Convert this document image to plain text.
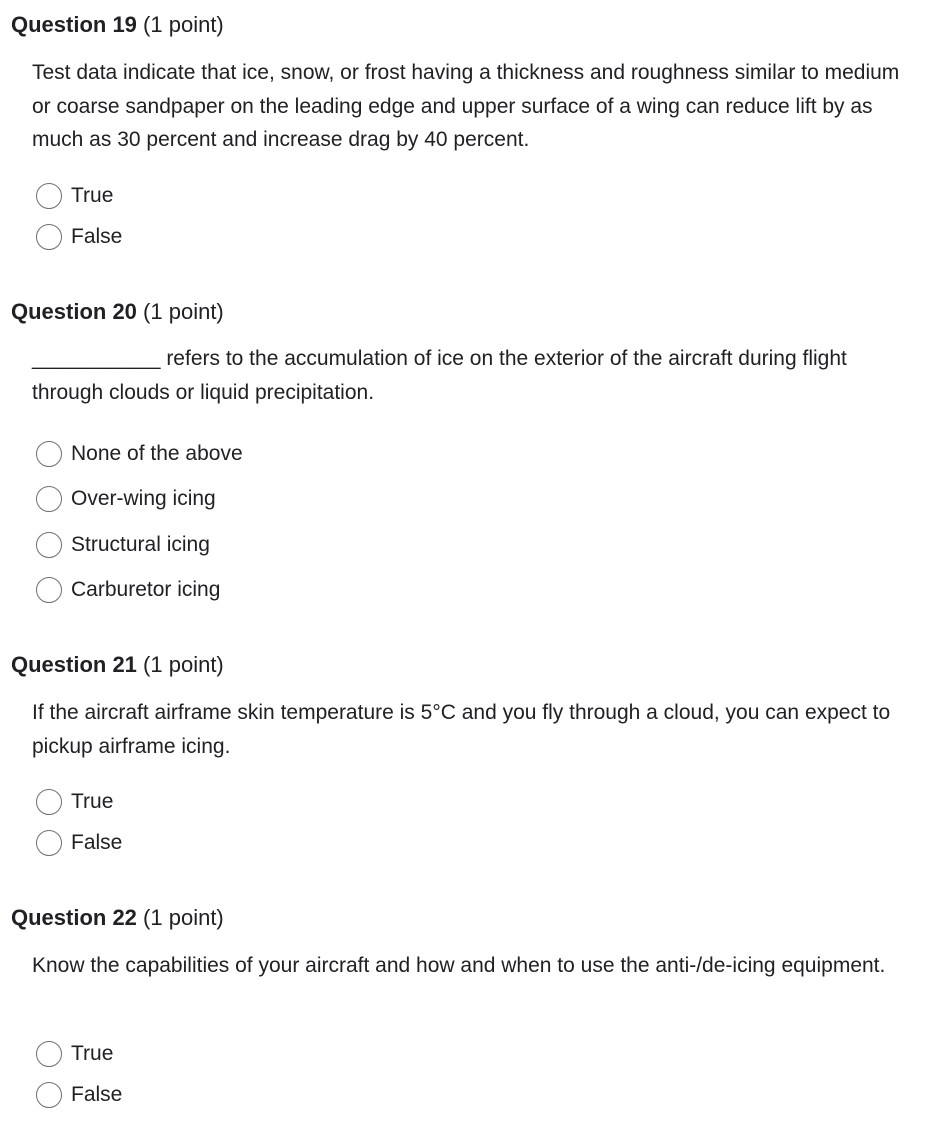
Question 19 (1 point)
Test data indicate that ice, snow, or frost having a thickness and roughness similar to medium or coarse sandpaper on the leading edge and upper surface of a wing can reduce lift by as much as 30 percent and increase drag by 40 percent.
True
False
Question 20 (1 point)
___________ refers to the accumulation of ice on the exterior of the aircraft during flight through clouds or liquid precipitation.
None of the above
Over-wing icing
Structural icing
Carburetor icing
Question 21 (1 point)
If the aircraft airframe skin temperature is 5°C and you fly through a cloud, you can expect to pickup airframe icing.
True
False
Question 22 (1 point)
Know the capabilities of your aircraft and how and when to use the anti-/de-icing equipment.
True
False
